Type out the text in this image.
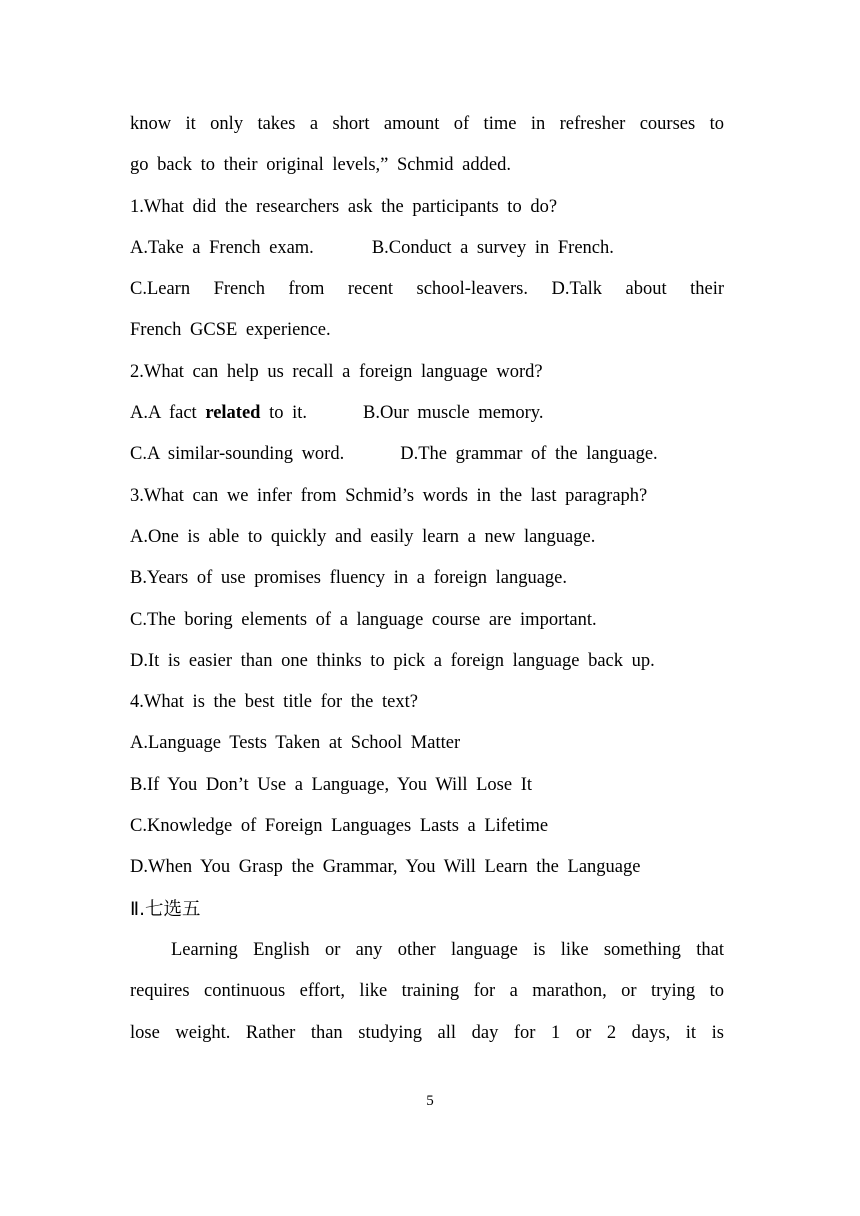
know it only takes a short amount of time in refresher courses to
go back to their original levels,” Schmid added.
1.What did the researchers ask the participants to do?
A.Take a French exam.	B.Conduct a survey in French.
C.Learn French from recent school-leavers. D.Talk about their
French GCSE experience.
2.What can help us recall a foreign language word?
A.A fact related to it.	B.Our muscle memory.
C.A similar-sounding word.	D.The grammar of the language.
3.What can we infer from Schmid’s words in the last paragraph?
A.One is able to quickly and easily learn a new language.
B.Years of use promises fluency in a foreign language.
C.The boring elements of a language course are important.
D.It is easier than one thinks to pick a foreign language back up.
4.What is the best title for the text?
A.Language Tests Taken at School Matter
B.If You Don’t Use a Language, You Will Lose It
C.Knowledge of Foreign Languages Lasts a Lifetime
D.When You Grasp the Grammar, You Will Learn the Language
Ⅱ.七选五
Learning English or any other language is like something that
requires continuous effort, like training for a marathon, or trying to
lose weight. Rather than studying all day for 1 or 2 days, it is
5
